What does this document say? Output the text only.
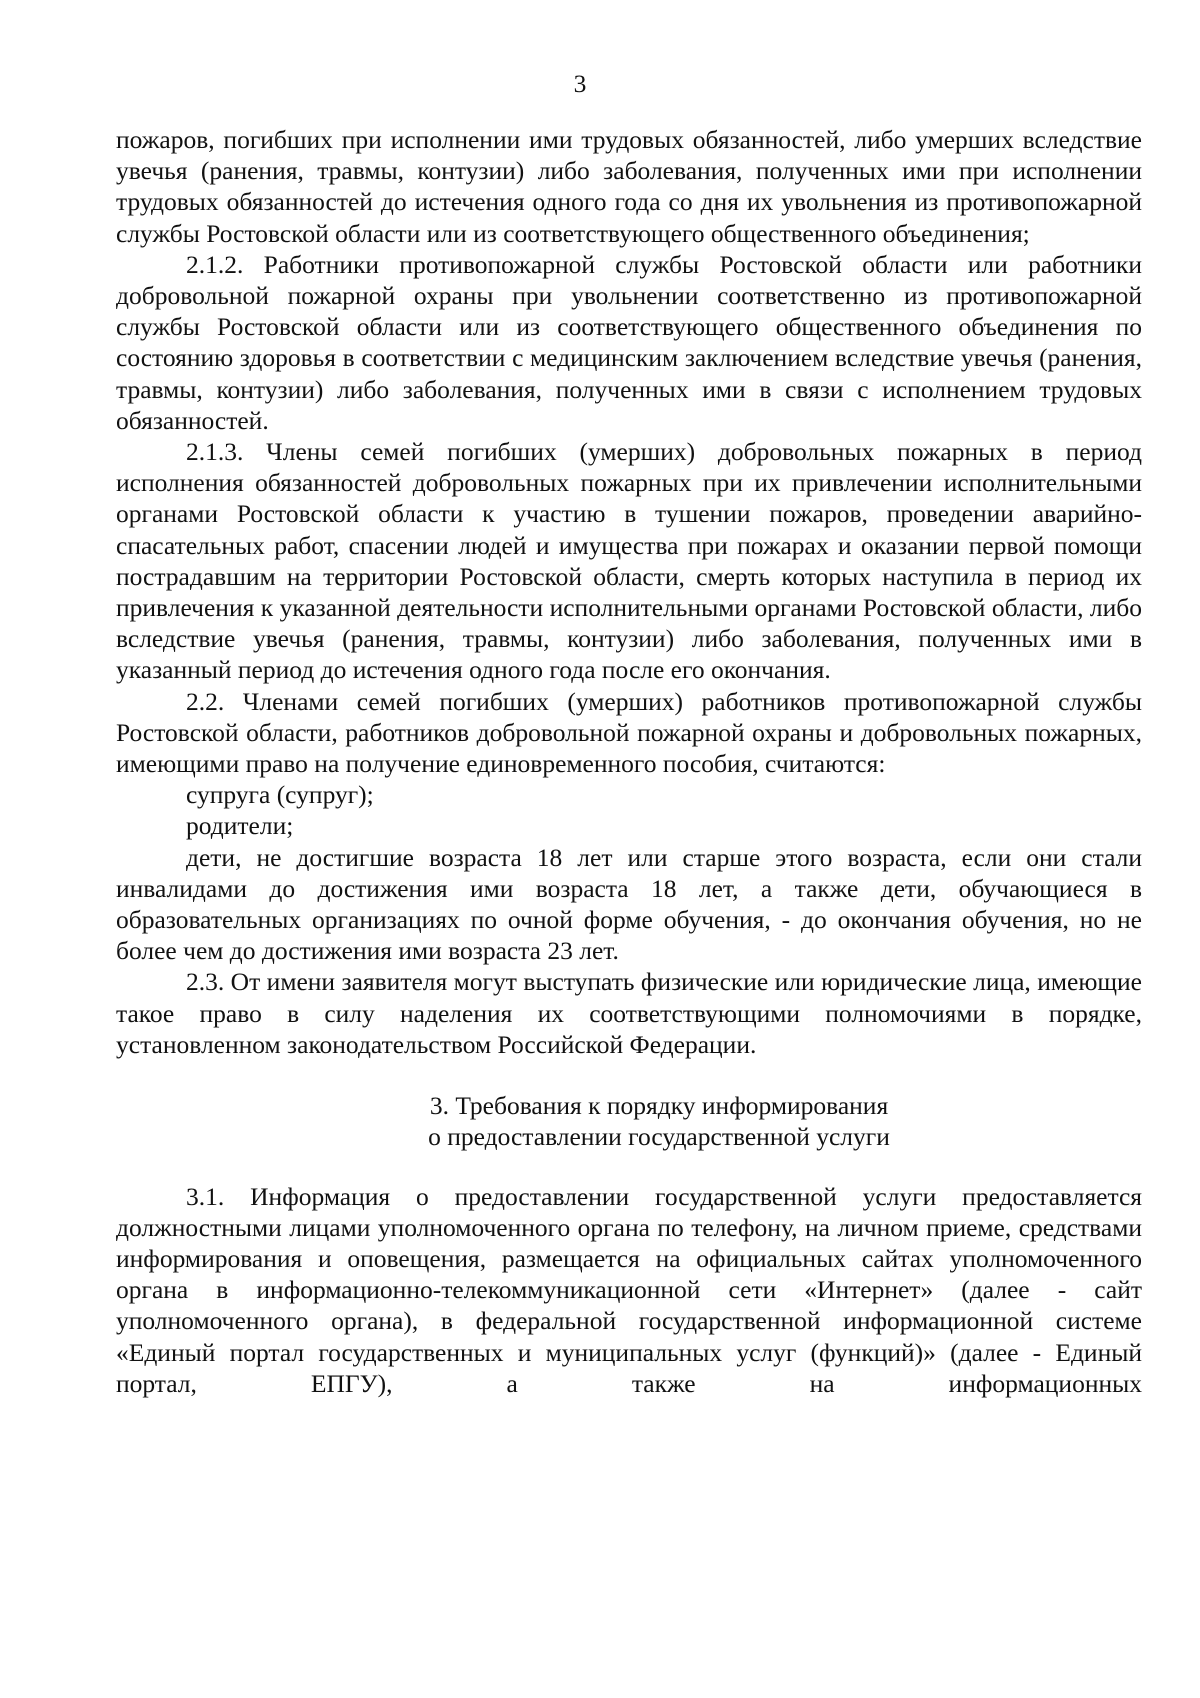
3

пожаров, погибших при исполнении ими трудовых обязанностей, либо умерших вследствие увечья (ранения, травмы, контузии) либо заболевания, полученных ими при исполнении трудовых обязанностей до истечения одного года со дня их увольнения из противопожарной службы Ростовской области или из соответствующего общественного объединения;

2.1.2. Работники противопожарной службы Ростовской области или работники добровольной пожарной охраны при увольнении соответственно из противопожарной службы Ростовской области или из соответствующего общественного объединения по состоянию здоровья в соответствии с медицинским заключением вследствие увечья (ранения, травмы, контузии) либо заболевания, полученных ими в связи с исполнением трудовых обязанностей.

2.1.3. Члены семей погибших (умерших) добровольных пожарных в период исполнения обязанностей добровольных пожарных при их привлечении исполнительными органами Ростовской области к участию в тушении пожаров, проведении аварийно-спасательных работ, спасении людей и имущества при пожарах и оказании первой помощи пострадавшим на территории Ростовской области, смерть которых наступила в период их привлечения к указанной деятельности исполнительными органами Ростовской области, либо вследствие увечья (ранения, травмы, контузии) либо заболевания, полученных ими в указанный период до истечения одного года после его окончания.

2.2. Членами семей погибших (умерших) работников противопожарной службы Ростовской области, работников добровольной пожарной охраны и добровольных пожарных, имеющими право на получение единовременного пособия, считаются:

супруга (супруг);

родители;

дети, не достигшие возраста 18 лет или старше этого возраста, если они стали инвалидами до достижения ими возраста 18 лет, а также дети, обучающиеся в образовательных организациях по очной форме обучения, - до окончания обучения, но не более чем до достижения ими возраста 23 лет.

2.3. От имени заявителя могут выступать физические или юридические лица, имеющие такое право в силу наделения их соответствующими полномочиями в порядке, установленном законодательством Российской Федерации.

3. Требования к порядку информирования
о предоставлении государственной услуги

3.1. Информация о предоставлении государственной услуги предоставляется должностными лицами уполномоченного органа по телефону, на личном приеме, средствами информирования и оповещения, размещается на официальных сайтах уполномоченного органа в информационно-телекоммуникационной сети «Интернет» (далее - сайт уполномоченного органа), в федеральной государственной информационной системе «Единый портал государственных и муниципальных услуг (функций)» (далее - Единый портал, ЕПГУ), а также на информационных
